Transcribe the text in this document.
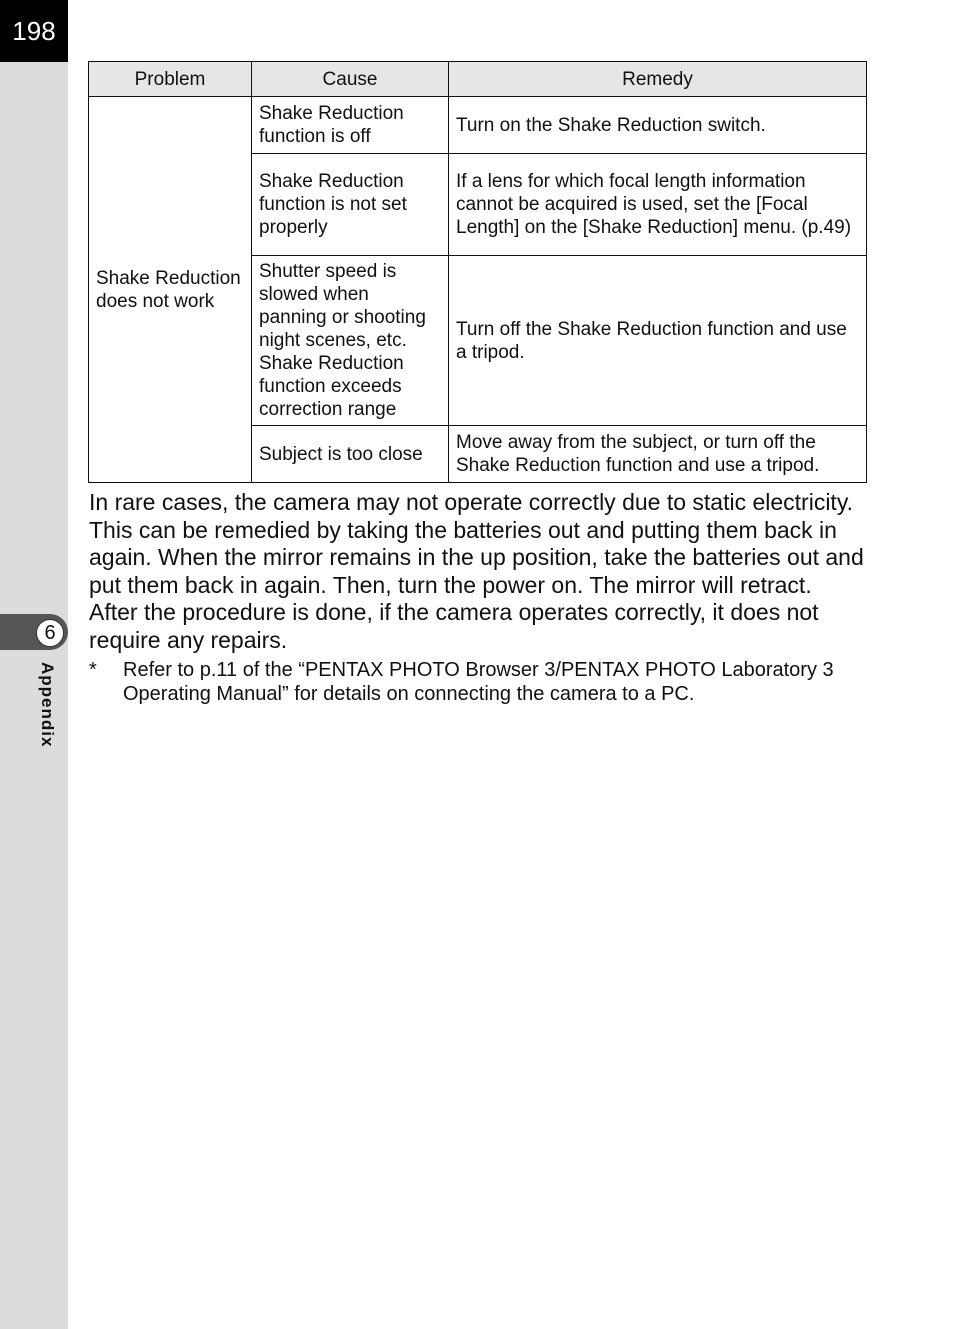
198
6
Appendix
Problem	Cause	Remedy
Shake Reduction does not work	Shake Reduction function is off	Turn on the Shake Reduction switch.
	Shake Reduction function is not set properly	If a lens for which focal length information cannot be acquired is used, set the [Focal Length] on the [Shake Reduction] menu. (p.49)
	Shutter speed is slowed when panning or shooting night scenes, etc. Shake Reduction function exceeds correction range	Turn off the Shake Reduction function and use a tripod.
	Subject is too close	Move away from the subject, or turn off the Shake Reduction function and use a tripod.

In rare cases, the camera may not operate correctly due to static electricity. This can be remedied by taking the batteries out and putting them back in again. When the mirror remains in the up position, take the batteries out and put them back in again. Then, turn the power on. The mirror will retract. After the procedure is done, if the camera operates correctly, it does not require any repairs.

* Refer to p.11 of the “PENTAX PHOTO Browser 3/PENTAX PHOTO Laboratory 3 Operating Manual” for details on connecting the camera to a PC.
